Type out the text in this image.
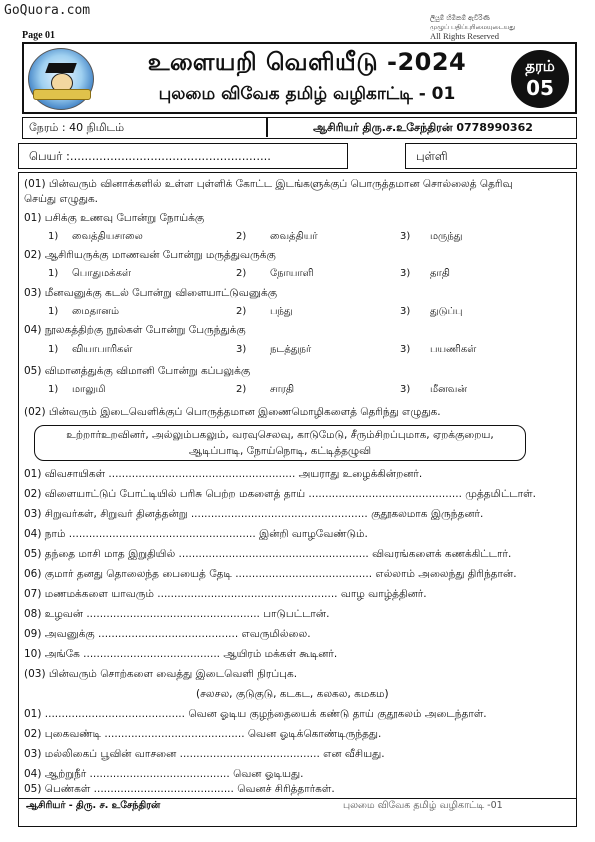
GoQuora.com
Page 01
ලියුම් හිමිකම් ඇවිරිණි
முழுப் பதிப்புரிமையுடையது
All Rights Reserved
உளையறி வெளியீடு -2024
புலமை விவேக தமிழ் வழிகாட்டி - 01
தரம்
05
நேரம் : 40 நிமிடம்	ஆசிரியர் திரு.ச.உசேந்திரன் 0778990362
பெயர் :.......................................................	புள்ளி
(01) பின்வரும் வினாக்களில் உள்ள புள்ளிக் கோட்ட இடங்களுக்குப் பொருத்தமான சொல்லைத் தெரிவு
செய்து எழுதுக.
01) பசிக்கு உணவு போன்று நோய்க்கு
1) வைத்தியசாலை	2) வைத்தியர்	3) மருந்து
02) ஆசிரியருக்கு மாணவன் போன்று மருத்துவருக்கு
1) பொதுமக்கள்	2) நோயாளி	3) தாதி
03) மீனவனுக்கு கடல் போன்று விளையாட்டுவனுக்கு
1) மைதானம்	2) பந்து	3) துடுப்பு
04) நூலகத்திற்கு நூல்கள் போன்று பேருந்துக்கு
1) வியாபாரிகள்	3) நடத்துநர்	3) பயணிகள்
05) விமானத்துக்கு விமானி போன்று கப்பலுக்கு
1) மாலுமி	2) சாரதி	3) மீனவன்
(02) பின்வரும் இடைவெளிக்குப் பொருத்தமான இணைமொழிகளைத் தெரிந்து எழுதுக.
உற்றார்உறவினர், அல்லும்பகலும், வரவுசெலவு, காடுமேடு, சீரும்சிறப்புமாக, ஏறக்குறைய,
ஆடிப்பாடி, நோய்நொடி, கட்டித்தழுவி
01) விவசாயிகள் ........................................................ அயராது உழைக்கின்றனர்.
02) விளையாட்டுப் போட்டியில் பரிசு பெற்ற மகளைத் தாய் .............................................. முத்தமிட்டாள்.
03) சிறுவர்கள், சிறுவர் தினத்தன்று ..................................................... குதூகலமாக இருந்தனர்.
04) நாம் ........................................................ இன்றி வாழவேண்டும்.
05) தந்தை மாசி மாத இறுதியில் ......................................................... விவரங்களைக் கணக்கிட்டார்.
06) குமார் தனது தொலைந்த பையைத் தேடி ......................................... எல்லாம் அலைந்து திரிந்தான்.
07) மணமக்களை யாவரும் ...................................................... வாழ வாழ்த்தினர்.
08) உழவன் .................................................... பாடுபட்டான்.
09) அவனுக்கு .......................................... எவருமில்லை.
10) அங்கே ......................................... ஆயிரம் மக்கள் கூடினர்.
(03) பின்வரும் சொற்களை வைத்து இடைவெளி நிரப்புக.
(சலசல, குடுகுடு, கடகட, கலகல, கமகம)
01) .......................................... வென ஓடிய குழந்தையைக் கண்டு தாய் குதூகலம் அடைந்தாள்.
02) புகைவண்டி .......................................... வென ஓடிக்கொண்டிருந்தது.
03) மல்லிகைப் பூவின் வாசனை .......................................... என வீசியது.
04) ஆற்றுநீர் .......................................... வென ஓடியது.
05) பெண்கள் .......................................... வெனச் சிரித்தார்கள்.
ஆசிரியர் - திரு. ச. உசேந்திரன்	புலமை விவேக தமிழ் வழிகாட்டி -01
